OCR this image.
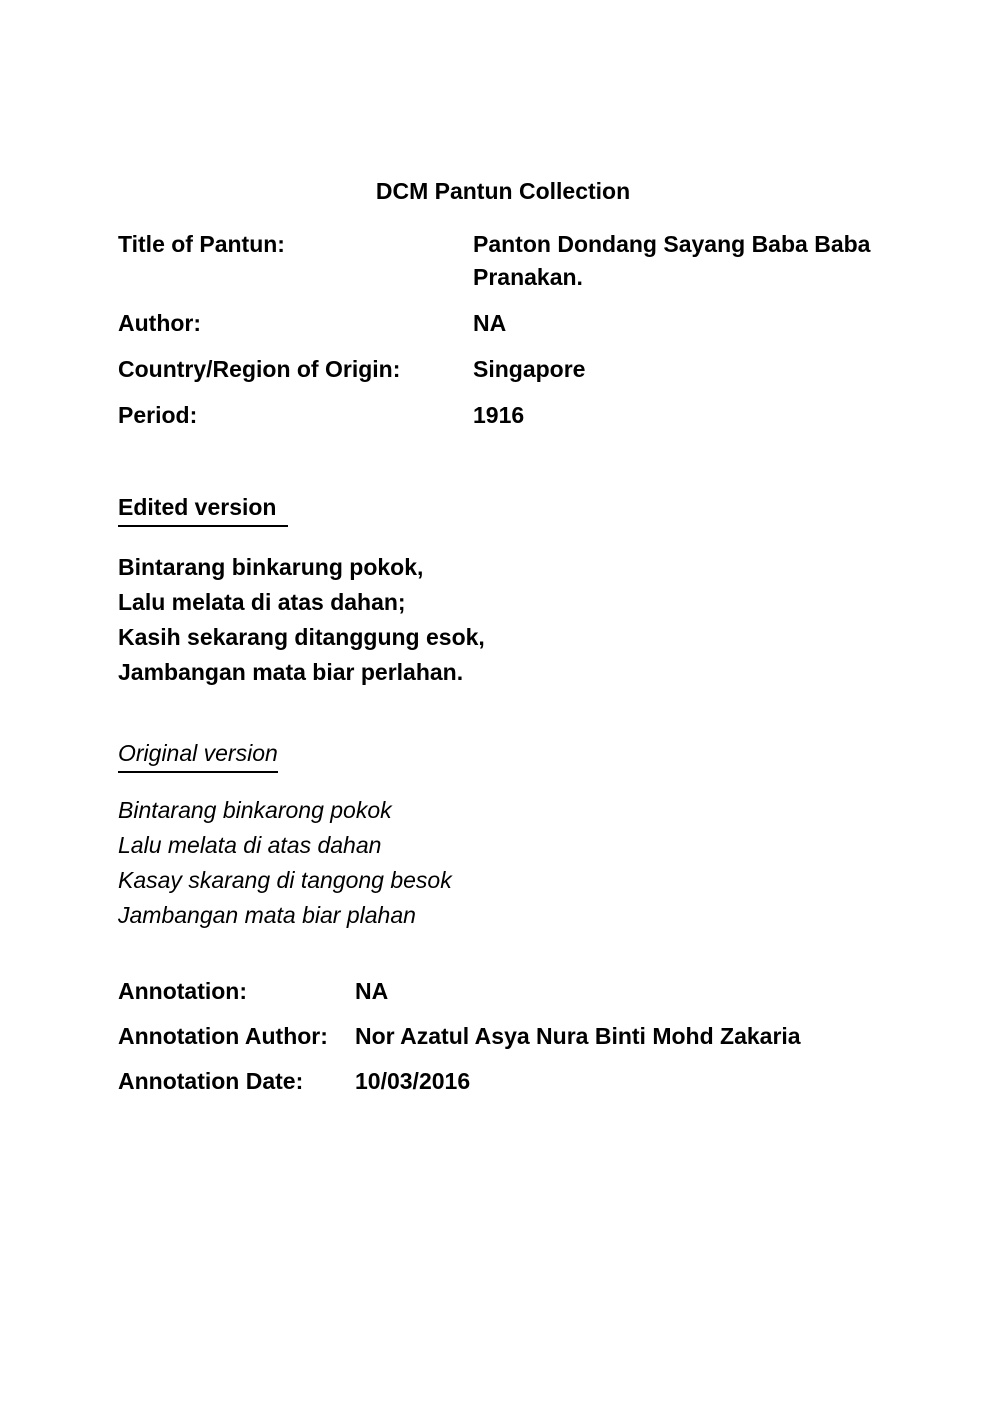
DCM Pantun Collection
Title of Pantun:	Panton Dondang Sayang Baba Baba Pranakan.
Author:	NA
Country/Region of Origin:	Singapore
Period:	1916
Edited version
Bintarang binkarung pokok,
Lalu melata di atas dahan;
Kasih sekarang ditanggung esok,
Jambangan mata biar perlahan.
Original version
Bintarang binkarong pokok
Lalu melata di atas dahan
Kasay skarang di tangong besok
Jambangan mata biar plahan
Annotation:	NA
Annotation Author:	Nor Azatul Asya Nura Binti Mohd Zakaria
Annotation Date:	10/03/2016
